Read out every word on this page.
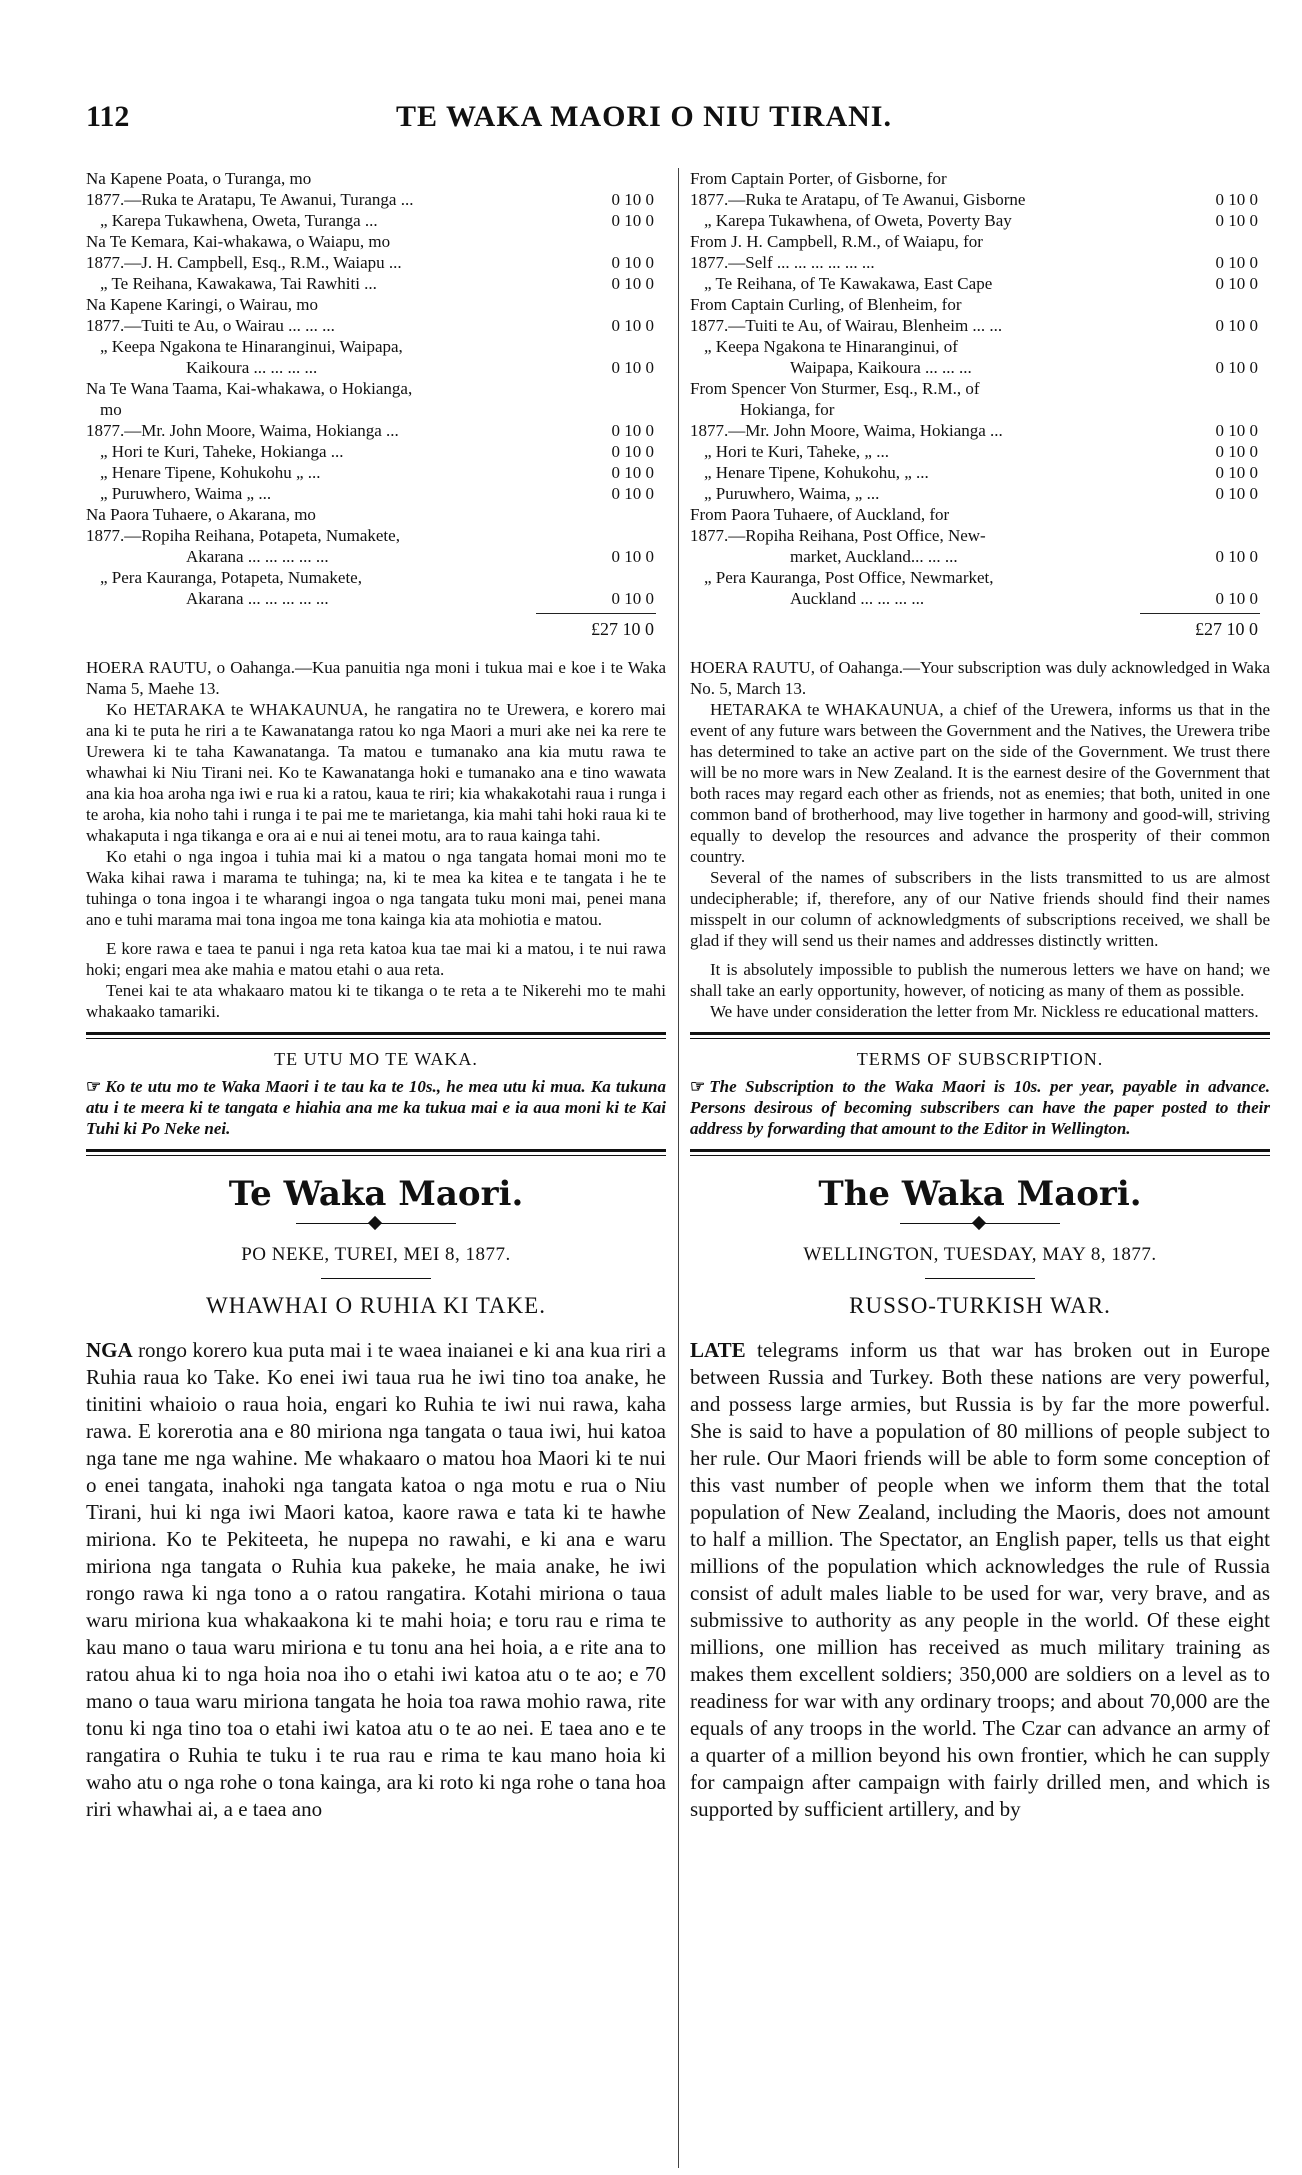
112	TE WAKA MAORI O NIU TIRANI.
Na Kapene Poata, o Turanga, mo
1877.—Ruka te Aratapu, Te Awanui, Turanga ...	0 10 0
„ Karepa Tukawhena, Oweta, Turanga ...	0 10 0
Na Te Kemara, Kai-whakawa, o Waiapu, mo
1877.—J. H. Campbell, Esq., R.M., Waiapu ...	0 10 0
„ Te Reihana, Kawakawa, Tai Rawhiti ...	0 10 0
Na Kapene Karingi, o Wairau, mo
1877.—Tuiti te Au, o Wairau ... ... ...	0 10 0
„ Keepa Ngakona te Hinaranginui, Waipapa,
Kaikoura ... ... ... ...	0 10 0
Na Te Wana Taama, Kai-whakawa, o Hokianga,
mo
1877.—Mr. John Moore, Waima, Hokianga ...	0 10 0
„ Hori te Kuri, Taheke, Hokianga ...	0 10 0
„ Henare Tipene, Kohukohu „ ...	0 10 0
„ Puruwhero, Waima „ ...	0 10 0
Na Paora Tuhaere, o Akarana, mo
1877.—Ropiha Reihana, Potapeta, Numakete,
Akarana ... ... ... ... ...	0 10 0
„ Pera Kauranga, Potapeta, Numakete,
Akarana ... ... ... ... ...	0 10 0
£27 10 0

HOERA RAUTU, o Oahanga.—Kua panuitia nga moni i tukua mai e koe i te Waka Nama 5, Maehe 13.

Ko HETARAKA te WHAKAUNUA, he rangatira no te Urewera, e korero mai ana ki te puta he riri a te Kawanatanga ratou ko nga Maori a muri ake nei ka rere te Urewera ki te taha Kawanatanga. Ta matou e tumanako ana kia mutu rawa te whawhai ki Niu Tirani nei. Ko te Kawanatanga hoki e tumanako ana e tino wawata ana kia hoa aroha nga iwi e rua ki a ratou, kaua te riri; kia whakakotahi raua i runga i te aroha, kia noho tahi i runga i te pai me te marietanga, kia mahi tahi hoki raua ki te whakaputa i nga tikanga e ora ai e nui ai tenei motu, ara to raua kainga tahi.

Ko etahi o nga ingoa i tuhia mai ki a matou o nga tangata homai moni mo te Waka kihai rawa i marama te tuhinga; na, ki te mea ka kitea e te tangata i he te tuhinga o tona ingoa i te wharangi ingoa o nga tangata tuku moni mai, penei mana ano e tuhi marama mai tona ingoa me tona kainga kia ata mohiotia e matou.

E kore rawa e taea te panui i nga reta katoa kua tae mai ki a matou, i te nui rawa hoki; engari mea ake mahia e matou etahi o aua reta.

Tenei kai te ata whakaaro matou ki te tikanga o te reta a te Nikerehi mo te mahi whakaako tamariki.

TE UTU MO TE WAKA.
☞ Ko te utu mo te Waka Maori i te tau ka te 10s., he mea utu ki mua. Ka tukuna atu i te meera ki te tangata e hiahia ana me ka tukua mai e ia aua moni ki te Kai Tuhi ki Po Neke nei.
Te Waka Maori.
PO NEKE, TUREI, MEI 8, 1877.
WHAWHAI O RUHIA KI TAKE.

NGA rongo korero kua puta mai i te waea inaianei e ki ana kua riri a Ruhia raua ko Take. Ko enei iwi taua rua he iwi tino toa anake, he tinitini whaioio o raua hoia, engari ko Ruhia te iwi nui rawa, kaha rawa. E korerotia ana e 80 miriona nga tangata o taua iwi, hui katoa nga tane me nga wahine. Me whakaaro o matou hoa Maori ki te nui o enei tangata, inahoki nga tangata katoa o nga motu e rua o Niu Tirani, hui ki nga iwi Maori katoa, kaore rawa e tata ki te hawhe miriona. Ko te Pekiteeta, he nupepa no rawahi, e ki ana e waru miriona nga tangata o Ruhia kua pakeke, he maia anake, he iwi rongo rawa ki nga tono a o ratou rangatira. Kotahi miriona o taua waru miriona kua whakaakona ki te mahi hoia; e toru rau e rima te kau mano o taua waru miriona e tu tonu ana hei hoia, a e rite ana to ratou ahua ki to nga hoia noa iho o etahi iwi katoa atu o te ao; e 70 mano o taua waru miriona tangata he hoia toa rawa mohio rawa, rite tonu ki nga tino toa o etahi iwi katoa atu o te ao nei. E taea ano e te rangatira o Ruhia te tuku i te rua rau e rima te kau mano hoia ki waho atu o nga rohe o tona kainga, ara ki roto ki nga rohe o tana hoa riri whawhai ai, a e taea ano

From Captain Porter, of Gisborne, for
1877.—Ruka te Aratapu, of Te Awanui, Gisborne	0 10 0
„ Karepa Tukawhena, of Oweta, Poverty Bay	0 10 0
From J. H. Campbell, R.M., of Waiapu, for
1877.—Self ... ... ... ... ... ...	0 10 0
„ Te Reihana, of Te Kawakawa, East Cape	0 10 0
From Captain Curling, of Blenheim, for
1877.—Tuiti te Au, of Wairau, Blenheim ... ...	0 10 0
„ Keepa Ngakona te Hinaranginui, of
Waipapa, Kaikoura ... ... ...	0 10 0
From Spencer Von Sturmer, Esq., R.M., of
Hokianga, for
1877.—Mr. John Moore, Waima, Hokianga ...	0 10 0
„ Hori te Kuri, Taheke, „ ...	0 10 0
„ Henare Tipene, Kohukohu, „ ...	0 10 0
„ Puruwhero, Waima, „ ...	0 10 0
From Paora Tuhaere, of Auckland, for
1877.—Ropiha Reihana, Post Office, New-
market, Auckland... ... ...	0 10 0
„ Pera Kauranga, Post Office, Newmarket,
Auckland ... ... ... ...	0 10 0
£27 10 0

HOERA RAUTU, of Oahanga.—Your subscription was duly acknowledged in Waka No. 5, March 13.

HETARAKA te WHAKAUNUA, a chief of the Urewera, informs us that in the event of any future wars between the Government and the Natives, the Urewera tribe has determined to take an active part on the side of the Government. We trust there will be no more wars in New Zealand. It is the earnest desire of the Government that both races may regard each other as friends, not as enemies; that both, united in one common band of brotherhood, may live together in harmony and good-will, striving equally to develop the resources and advance the prosperity of their common country.

Several of the names of subscribers in the lists transmitted to us are almost undecipherable; if, therefore, any of our Native friends should find their names misspelt in our column of acknowledgments of subscriptions received, we shall be glad if they will send us their names and addresses distinctly written.

It is absolutely impossible to publish the numerous letters we have on hand; we shall take an early opportunity, however, of noticing as many of them as possible.

We have under consideration the letter from Mr. Nickless re educational matters.

TERMS OF SUBSCRIPTION.
☞ The Subscription to the Waka Maori is 10s. per year, payable in advance. Persons desirous of becoming subscribers can have the paper posted to their address by forwarding that amount to the Editor in Wellington.
The Waka Maori.
WELLINGTON, TUESDAY, MAY 8, 1877.
RUSSO-TURKISH WAR.

LATE telegrams inform us that war has broken out in Europe between Russia and Turkey. Both these nations are very powerful, and possess large armies, but Russia is by far the more powerful. She is said to have a population of 80 millions of people subject to her rule. Our Maori friends will be able to form some conception of this vast number of people when we inform them that the total population of New Zealand, including the Maoris, does not amount to half a million. The Spectator, an English paper, tells us that eight millions of the population which acknowledges the rule of Russia consist of adult males liable to be used for war, very brave, and as submissive to authority as any people in the world. Of these eight millions, one million has received as much military training as makes them excellent soldiers; 350,000 are soldiers on a level as to readiness for war with any ordinary troops; and about 70,000 are the equals of any troops in the world. The Czar can advance an army of a quarter of a million beyond his own frontier, which he can supply for campaign after campaign with fairly drilled men, and which is supported by sufficient artillery, and by
